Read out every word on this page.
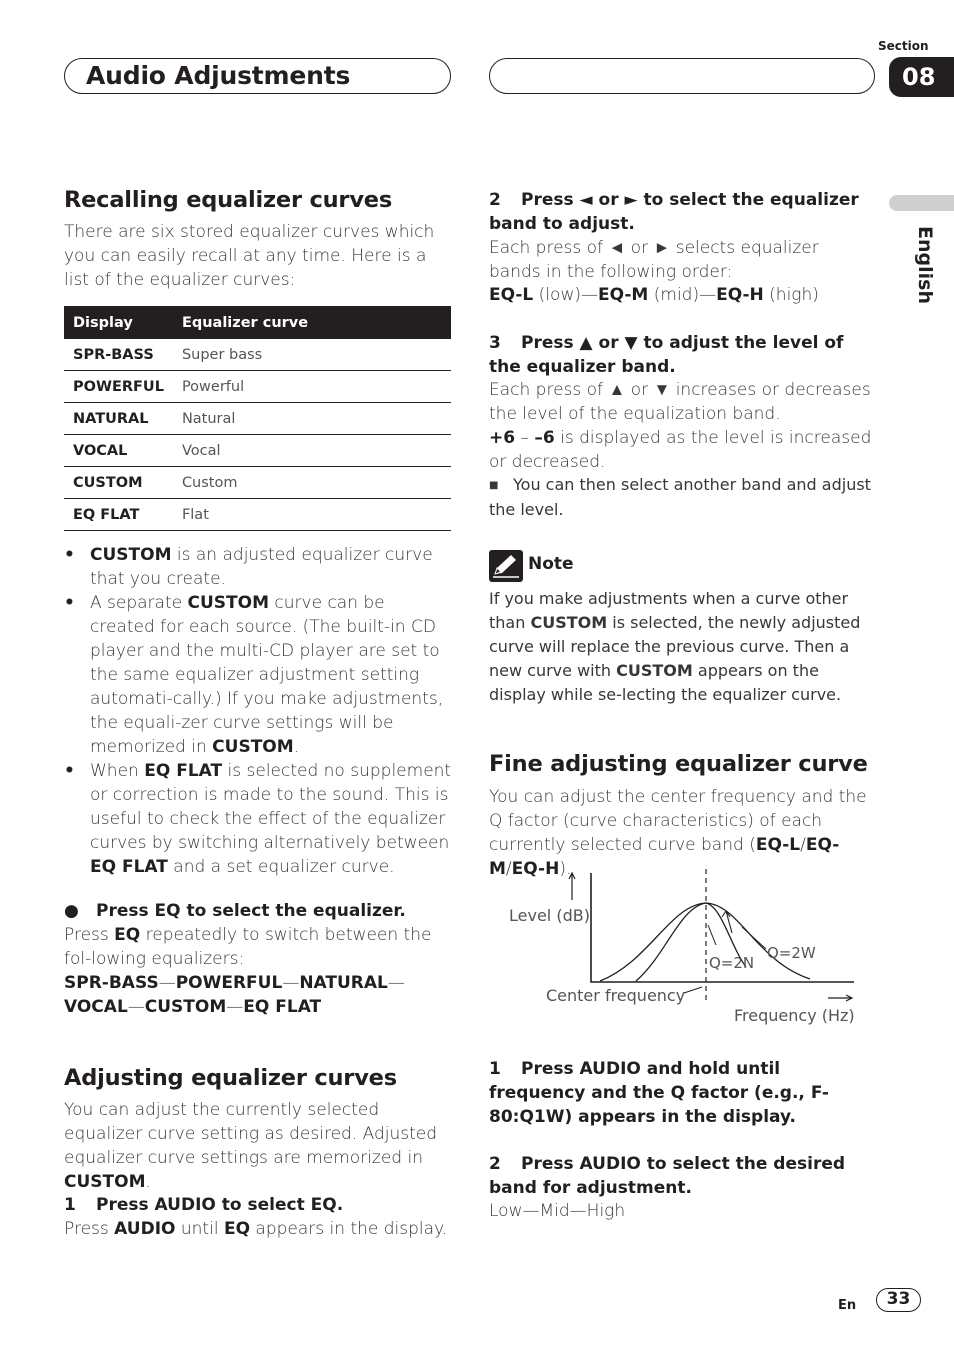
Audio Adjustments
Section
08
English
Recalling equalizer curves
There are six stored equalizer curves which you can easily recall at any time. Here is a list of the equalizer curves:
Display	Equalizer curve
SPR-BASS	Super bass
POWERFUL	Powerful
NATURAL	Natural
VOCAL	Vocal
CUSTOM	Custom
EQ FLAT	Flat
• CUSTOM is an adjusted equalizer curve that you create.
• A separate CUSTOM curve can be created for each source. (The built-in CD player and the multi-CD player are set to the same equalizer adjustment setting automati-cally.) If you make adjustments, the equali-zer curve settings will be memorized in CUSTOM.
• When EQ FLAT is selected no supplement or correction is made to the sound. This is useful to check the effect of the equalizer curves by switching alternatively between EQ FLAT and a set equalizer curve.
● Press EQ to select the equalizer.
Press EQ repeatedly to switch between the fol-lowing equalizers:
SPR-BASS—POWERFUL—NATURAL—
VOCAL—CUSTOM—EQ FLAT
Adjusting equalizer curves
You can adjust the currently selected equalizer curve setting as desired. Adjusted equalizer curve settings are memorized in CUSTOM.
1 Press AUDIO to select EQ.
Press AUDIO until EQ appears in the display.
2 Press ◄ or ► to select the equalizer band to adjust.
Each press of ◄ or ► selects equalizer bands in the following order:
EQ-L (low)—EQ-M (mid)—EQ-H (high)
3 Press ▲ or ▼ to adjust the level of the equalizer band.
Each press of ▲ or ▼ increases or decreases the level of the equalization band.
+6 – –6 is displayed as the level is increased or decreased.
■ You can then select another band and adjust the level.
Note
If you make adjustments when a curve other than CUSTOM is selected, the newly adjusted curve will replace the previous curve. Then a new curve with CUSTOM appears on the display while se-lecting the equalizer curve.
Fine adjusting equalizer curve
You can adjust the center frequency and the Q factor (curve characteristics) of each currently selected curve band (EQ-L/EQ-M/EQ-H).
Level (dB)
Q=2N
Q=2W
Center frequency
Frequency (Hz)
1 Press AUDIO and hold until frequency and the Q factor (e.g., F- 80:Q1W) appears in the display.
2 Press AUDIO to select the desired band for adjustment.
Low—Mid—High
En	33
